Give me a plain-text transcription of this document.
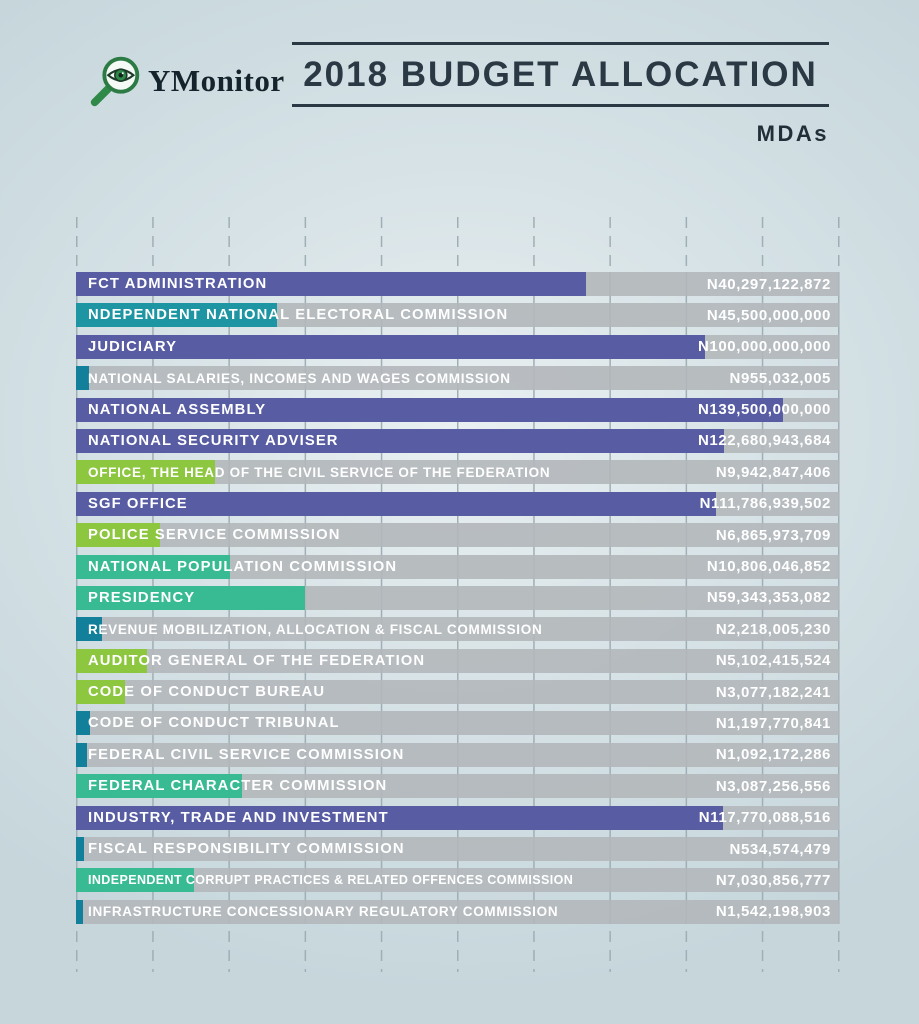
YMonitor 2018 BUDGET ALLOCATION
MDAs
FCT ADMINISTRATION	N40,297,122,872
NDEPENDENT NATIONAL ELECTORAL COMMISSION	N45,500,000,000
JUDICIARY	N100,000,000,000
NATIONAL SALARIES, INCOMES AND WAGES COMMISSION	N955,032,005
NATIONAL ASSEMBLY	N139,500,000,000
NATIONAL SECURITY ADVISER	N122,680,943,684
OFFICE, THE HEAD OF THE CIVIL SERVICE OF THE FEDERATION	N9,942,847,406
SGF OFFICE	N111,786,939,502
POLICE SERVICE COMMISSION	N6,865,973,709
NATIONAL POPULATION COMMISSION	N10,806,046,852
PRESIDENCY	N59,343,353,082
REVENUE MOBILIZATION, ALLOCATION & FISCAL COMMISSION	N2,218,005,230
AUDITOR GENERAL OF THE FEDERATION	N5,102,415,524
CODE OF CONDUCT BUREAU	N3,077,182,241
CODE OF CONDUCT TRIBUNAL	N1,197,770,841
FEDERAL CIVIL SERVICE COMMISSION	N1,092,172,286
FEDERAL CHARACTER COMMISSION	N3,087,256,556
INDUSTRY, TRADE AND INVESTMENT	N117,770,088,516
FISCAL RESPONSIBILITY COMMISSION	N534,574,479
INDEPENDENT CORRUPT PRACTICES & RELATED OFFENCES COMMISSION	N7,030,856,777
INFRASTRUCTURE CONCESSIONARY REGULATORY COMMISSION	N1,542,198,903
